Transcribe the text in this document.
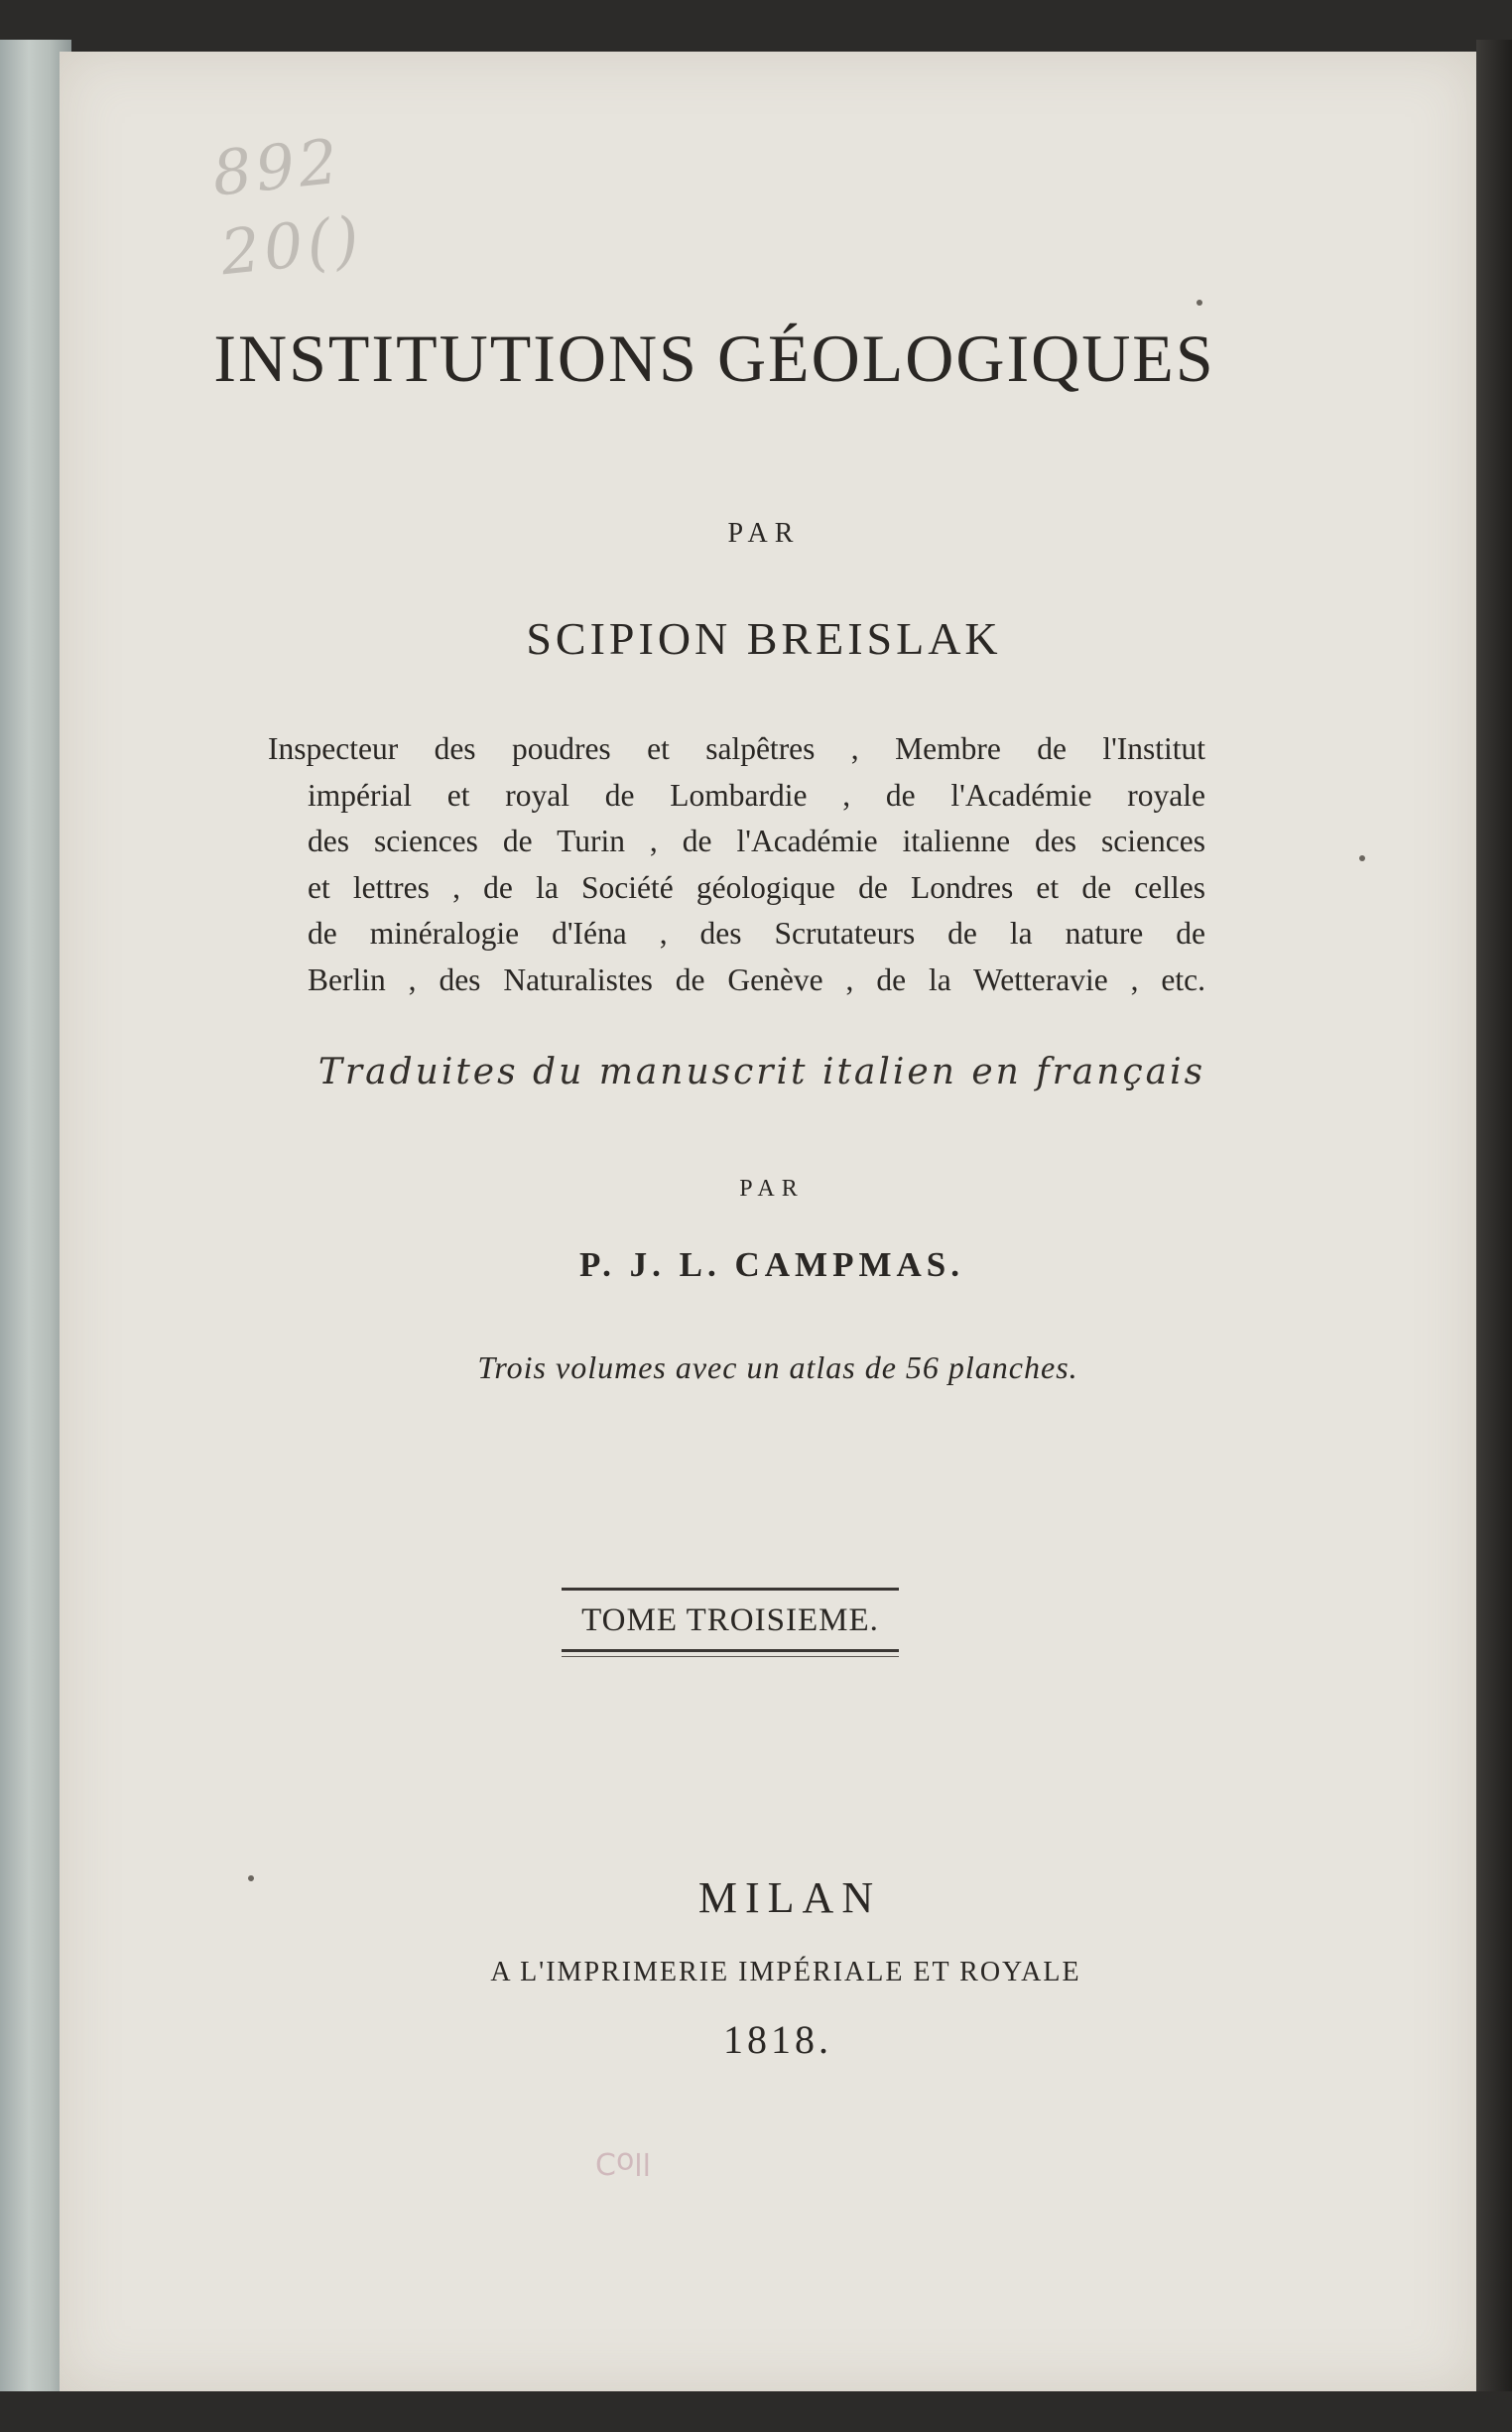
892
20()
INSTITUTIONS GÉOLOGIQUES
PAR
SCIPION BREISLAK
Inspecteur des poudres et salpêtres , Membre de l'Institut
impérial et royal de Lombardie , de l'Académie royale
des sciences de Turin , de l'Académie italienne des sciences
et lettres , de la Société géologique de Londres et de celles
de minéralogie d'Iéna , des Scrutateurs de la nature de
Berlin , des Naturalistes de Genève , de la Wetteravie , etc.
Traduites du manuscrit italien en français
PAR
P. J. L. CAMPMAS.
Trois volumes avec un atlas de 56 planches.
TOME TROISIEME.
MILAN
A L'IMPRIMERIE IMPÉRIALE ET ROYALE
1818.
Coll
